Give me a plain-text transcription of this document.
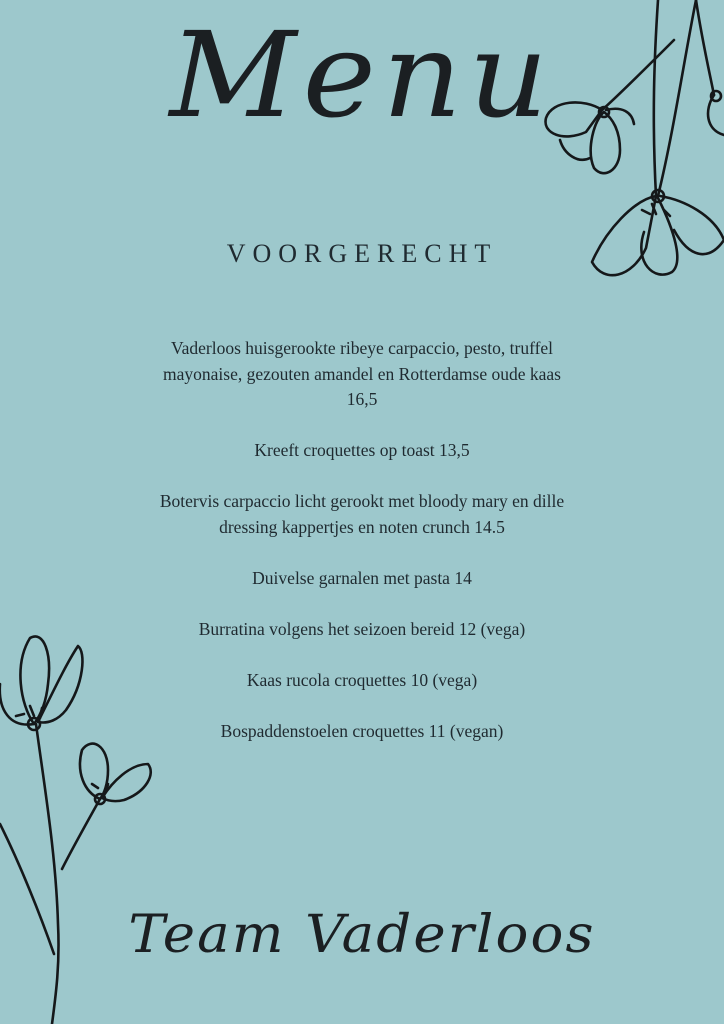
Menu
VOORGERECHT
Vaderloos huisgerookte ribeye carpaccio, pesto, truffel
mayonaise, gezouten amandel en Rotterdamse oude kaas
16,5
Kreeft croquettes op toast 13,5
Botervis carpaccio licht gerookt met bloody mary en dille
dressing kappertjes en noten crunch 14.5
Duivelse garnalen met pasta 14
Burratina volgens het seizoen bereid 12 (vega)
Kaas rucola croquettes 10 (vega)
Bospaddenstoelen croquettes 11 (vegan)
Team Vaderloos
